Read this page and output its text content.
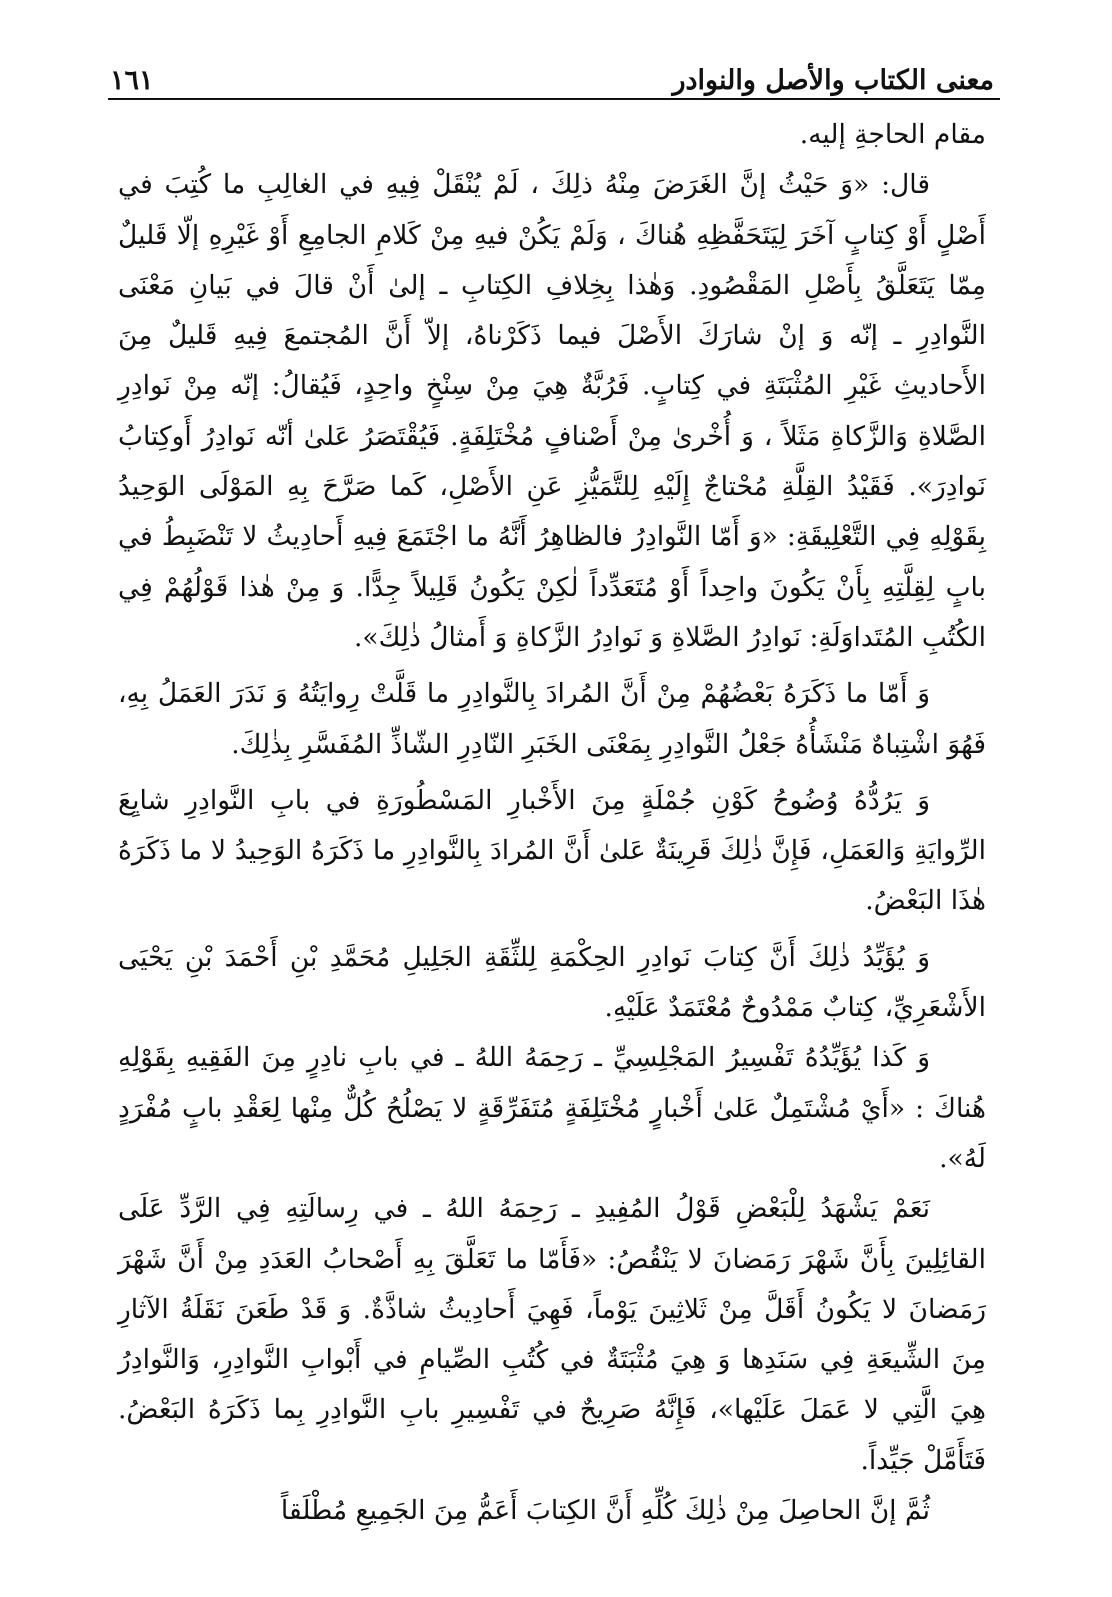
معنى الكتاب والأصل والنوادر
١٦١

مقام الحاجةِ إليه.

قال: «وَ حَيْثُ إنَّ الغَرَضَ مِنْهُ ذلِكَ ، لَمْ يُنْقَلْ فِيهِ في الغالِبِ ما كُتِبَ في أَصْلٍ أَوْ كِتابٍ آخَرَ لِيَتَحَفَّظِهِ هُناكَ ، وَلَمْ يَكُنْ فيهِ مِنْ كَلامِ الجامِعِ أَوْ غَيْرِهِ إلّا قَليلٌ مِمّا يَتَعَلَّقُ بِأَصْلِ المَقْصُودِ. وَهٰذا بِخِلافِ الكِتابِ ـ إلىٰ أَنْ قالَ في بَيانِ مَعْنَى النَّوادِرِ ـ إنّه وَ إنْ شارَكَ الأَصْلَ فيما ذَكَرْناهُ، إلاّ أَنَّ المُجتمعَ فِيهِ قَليلٌ مِنَ الأَحاديثِ غَيْرِ المُثْبَتَةِ في كِتابٍ. فَرُبَّةٌ هِيَ مِنْ سِنْخٍ واحِدٍ، فَيُقالُ: إنّه مِنْ نَوادِرِ الصَّلاةِ وَالزَّكاةِ مَثَلاً ، وَ أُخْرىٰ مِنْ أَصْنافٍ مُخْتَلِفَةٍ. فَيُقْتَصَرُ عَلىٰ أنّه نَوادِرُ أَوكِتابُ نَوادِرَ». فَقَيْدُ القِلَّةِ مُحْتاجٌ إِلَيْهِ لِلتَّمَيُّزِ عَنِ الأَصْلِ، كَما صَرَّحَ بِهِ المَوْلَى الوَحِيدُ بِقَوْلِهِ فِي التَّعْلِيقَةِ: «وَ أَمّا النَّوادِرُ فالظاهِرُ أَنَّهُ ما اجْتَمَعَ فِيهِ أَحادِيثُ لا تَنْضَبِطُ في بابٍ لِقِلَّتِهِ بِأَنْ يَكُونَ واحِداً أَوْ مُتَعَدِّداً لٰكِنْ يَكُونُ قَلِيلاً جِدًّا. وَ مِنْ هٰذا قَوْلُهُمْ فِي الكُتُبِ المُتَداوَلَةِ: نَوادِرُ الصَّلاةِ وَ نَوادِرُ الزَّكاةِ وَ أَمثالُ ذٰلِكَ».

وَ أَمّا ما ذَكَرَهُ بَعْضُهُمْ مِنْ أَنَّ المُرادَ بِالنَّوادِرِ ما قَلَّتْ رِوايَتُهُ وَ نَدَرَ العَمَلُ بِهِ، فَهُوَ اشْتِباهٌ مَنْشَأُهُ جَعْلُ النَّوادِرِ بِمَعْنَى الخَبَرِ النّادِرِ الشّاذِّ المُفَسَّرِ بِذٰلِكَ.

وَ يَرُدُّهُ وُضُوحُ كَوْنِ جُمْلَةٍ مِنَ الأَخْبارِ المَسْطُورَةِ في بابِ النَّوادِرِ شايِعَ الرِّوايَةِ وَالعَمَلِ، فَإِنَّ ذٰلِكَ قَرِينَةٌ عَلىٰ أَنَّ المُرادَ بِالنَّوادِرِ ما ذَكَرَهُ الوَحِيدُ لا ما ذَكَرَهُ هٰذَا البَعْضُ.

وَ يُؤَيِّدُ ذٰلِكَ أَنَّ كِتابَ نَوادِرِ الحِكْمَةِ لِلثِّقَةِ الجَلِيلِ مُحَمَّدِ بْنِ أَحْمَدَ بْنِ يَحْيَى الأَشْعَرِيِّ، كِتابٌ مَمْدُوحٌ مُعْتَمَدٌ عَلَيْهِ.

وَ كَذا يُؤَيِّدُهُ تَفْسِيرُ المَجْلِسِيِّ ـ رَحِمَهُ اللهُ ـ في بابِ نادِرٍ مِنَ الفَقِيهِ بِقَوْلِهِ هُناكَ : «أَيْ مُشْتَمِلٌ عَلىٰ أَخْبارٍ مُخْتَلِفَةٍ مُتَفَرِّقَةٍ لا يَصْلُحُ كُلٌّ مِنْها لِعَقْدِ بابٍ مُفْرَدٍ لَهُ».

نَعَمْ يَشْهَدُ لِلْبَعْضِ قَوْلُ المُفِيدِ ـ رَحِمَهُ اللهُ ـ في رِسالَتِهِ فِي الرَّدِّ عَلَى القائِلِينَ بِأَنَّ شَهْرَ رَمَضانَ لا يَنْقُصُ: «فَأَمّا ما تَعَلَّقَ بِهِ أَصْحابُ العَدَدِ مِنْ أَنَّ شَهْرَ رَمَضانَ لا يَكُونُ أَقَلَّ مِنْ ثَلاثِينَ يَوْماً، فَهِيَ أَحادِيثُ شاذَّةٌ. وَ قَدْ طَعَنَ نَقَلَةُ الآثارِ مِنَ الشِّيعَةِ فِي سَنَدِها وَ هِيَ مُثْبَتَةٌ في كُتُبِ الصِّيامِ في أَبْوابِ النَّوادِرِ، وَالنَّوادِرُ هِيَ الَّتِي لا عَمَلَ عَلَيْها»، فَإِنَّهُ صَرِيحٌ في تَفْسِيرِ بابِ النَّوادِرِ بِما ذَكَرَهُ البَعْضُ. فَتَأَمَّلْ جَيِّداً.

ثُمَّ إنَّ الحاصِلَ مِنْ ذٰلِكَ كُلِّهِ أَنَّ الكِتابَ أَعَمُّ مِنَ الجَمِيعِ مُطْلَقاً
